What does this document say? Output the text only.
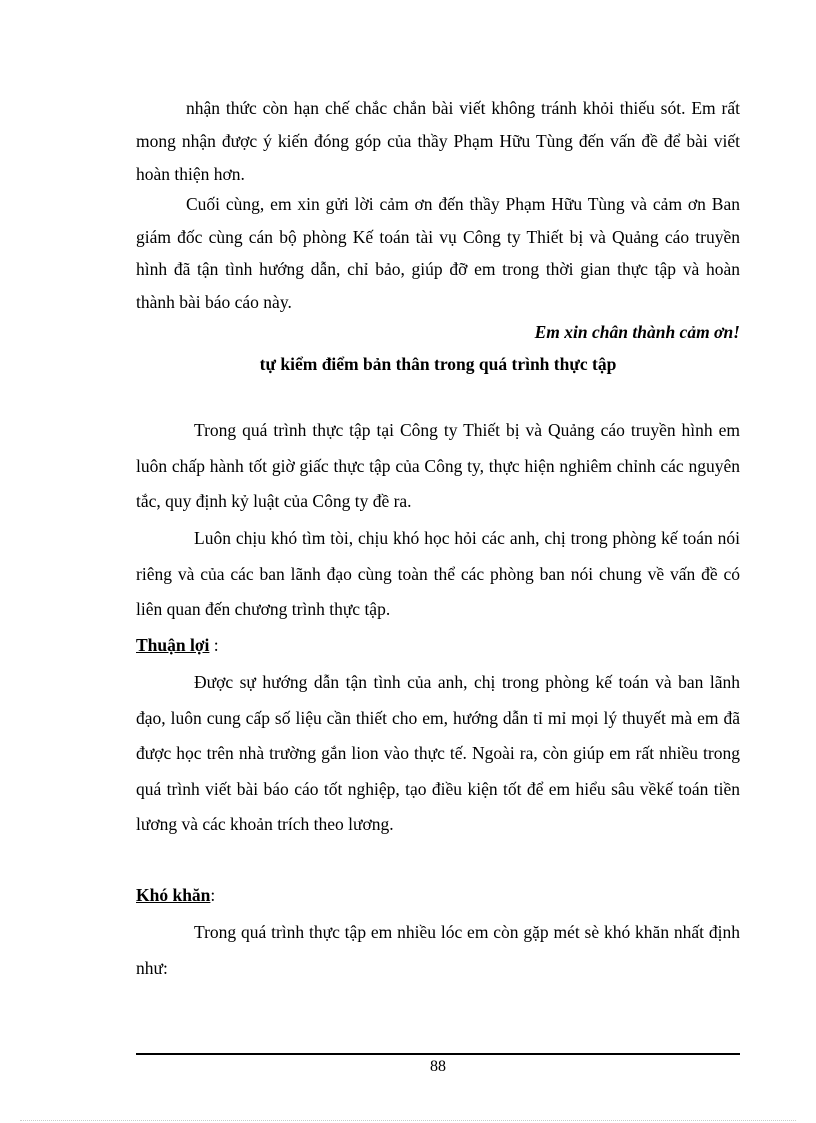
nhận thức còn hạn chế chắc chắn bài viết không tránh khỏi thiếu sót. Em rất mong nhận được ý kiến đóng góp của thầy Phạm Hữu Tùng đến vấn đề để bài viết hoàn thiện hơn.

Cuối cùng, em xin gửi lời cảm ơn đến thầy Phạm Hữu Tùng và cảm ơn Ban giám đốc cùng cán bộ phòng Kế toán tài vụ Công ty Thiết bị và Quảng cáo truyền hình đã tận tình hướng dẫn, chỉ bảo, giúp đỡ em trong thời gian thực tập và hoàn thành bài báo cáo này.

Em xin chân thành cảm ơn!

tự kiểm điểm bản thân trong quá trình thực tập

Trong quá trình thực tập tại Công ty Thiết bị và Quảng cáo truyền hình em luôn chấp hành tốt giờ giấc thực tập của Công ty, thực hiện nghiêm chỉnh các nguyên tắc, quy định kỷ luật của Công ty đề ra.

Luôn chịu khó tìm tòi, chịu khó học hỏi các anh, chị trong phòng kế toán nói riêng và của các ban lãnh đạo cùng toàn thể các phòng ban nói chung về vấn đề có liên quan đến chương trình thực tập.

Thuận lợi :

Được sự hướng dẫn tận tình của anh, chị trong phòng kế toán và ban lãnh đạo, luôn cung cấp số liệu cần thiết cho em, hướng dẫn tỉ mỉ mọi lý thuyết mà em đã được học trên nhà trường gắn lion vào thực tế. Ngoài ra, còn giúp em rất nhiều trong quá trình viết bài báo cáo tốt nghiệp, tạo điều kiện tốt để em hiểu sâu vềkế toán tiền lương và các khoản trích theo lương.

Khó khăn:

Trong quá trình thực tập em nhiều lóc em còn gặp mét sè khó khăn nhất định như:

88
